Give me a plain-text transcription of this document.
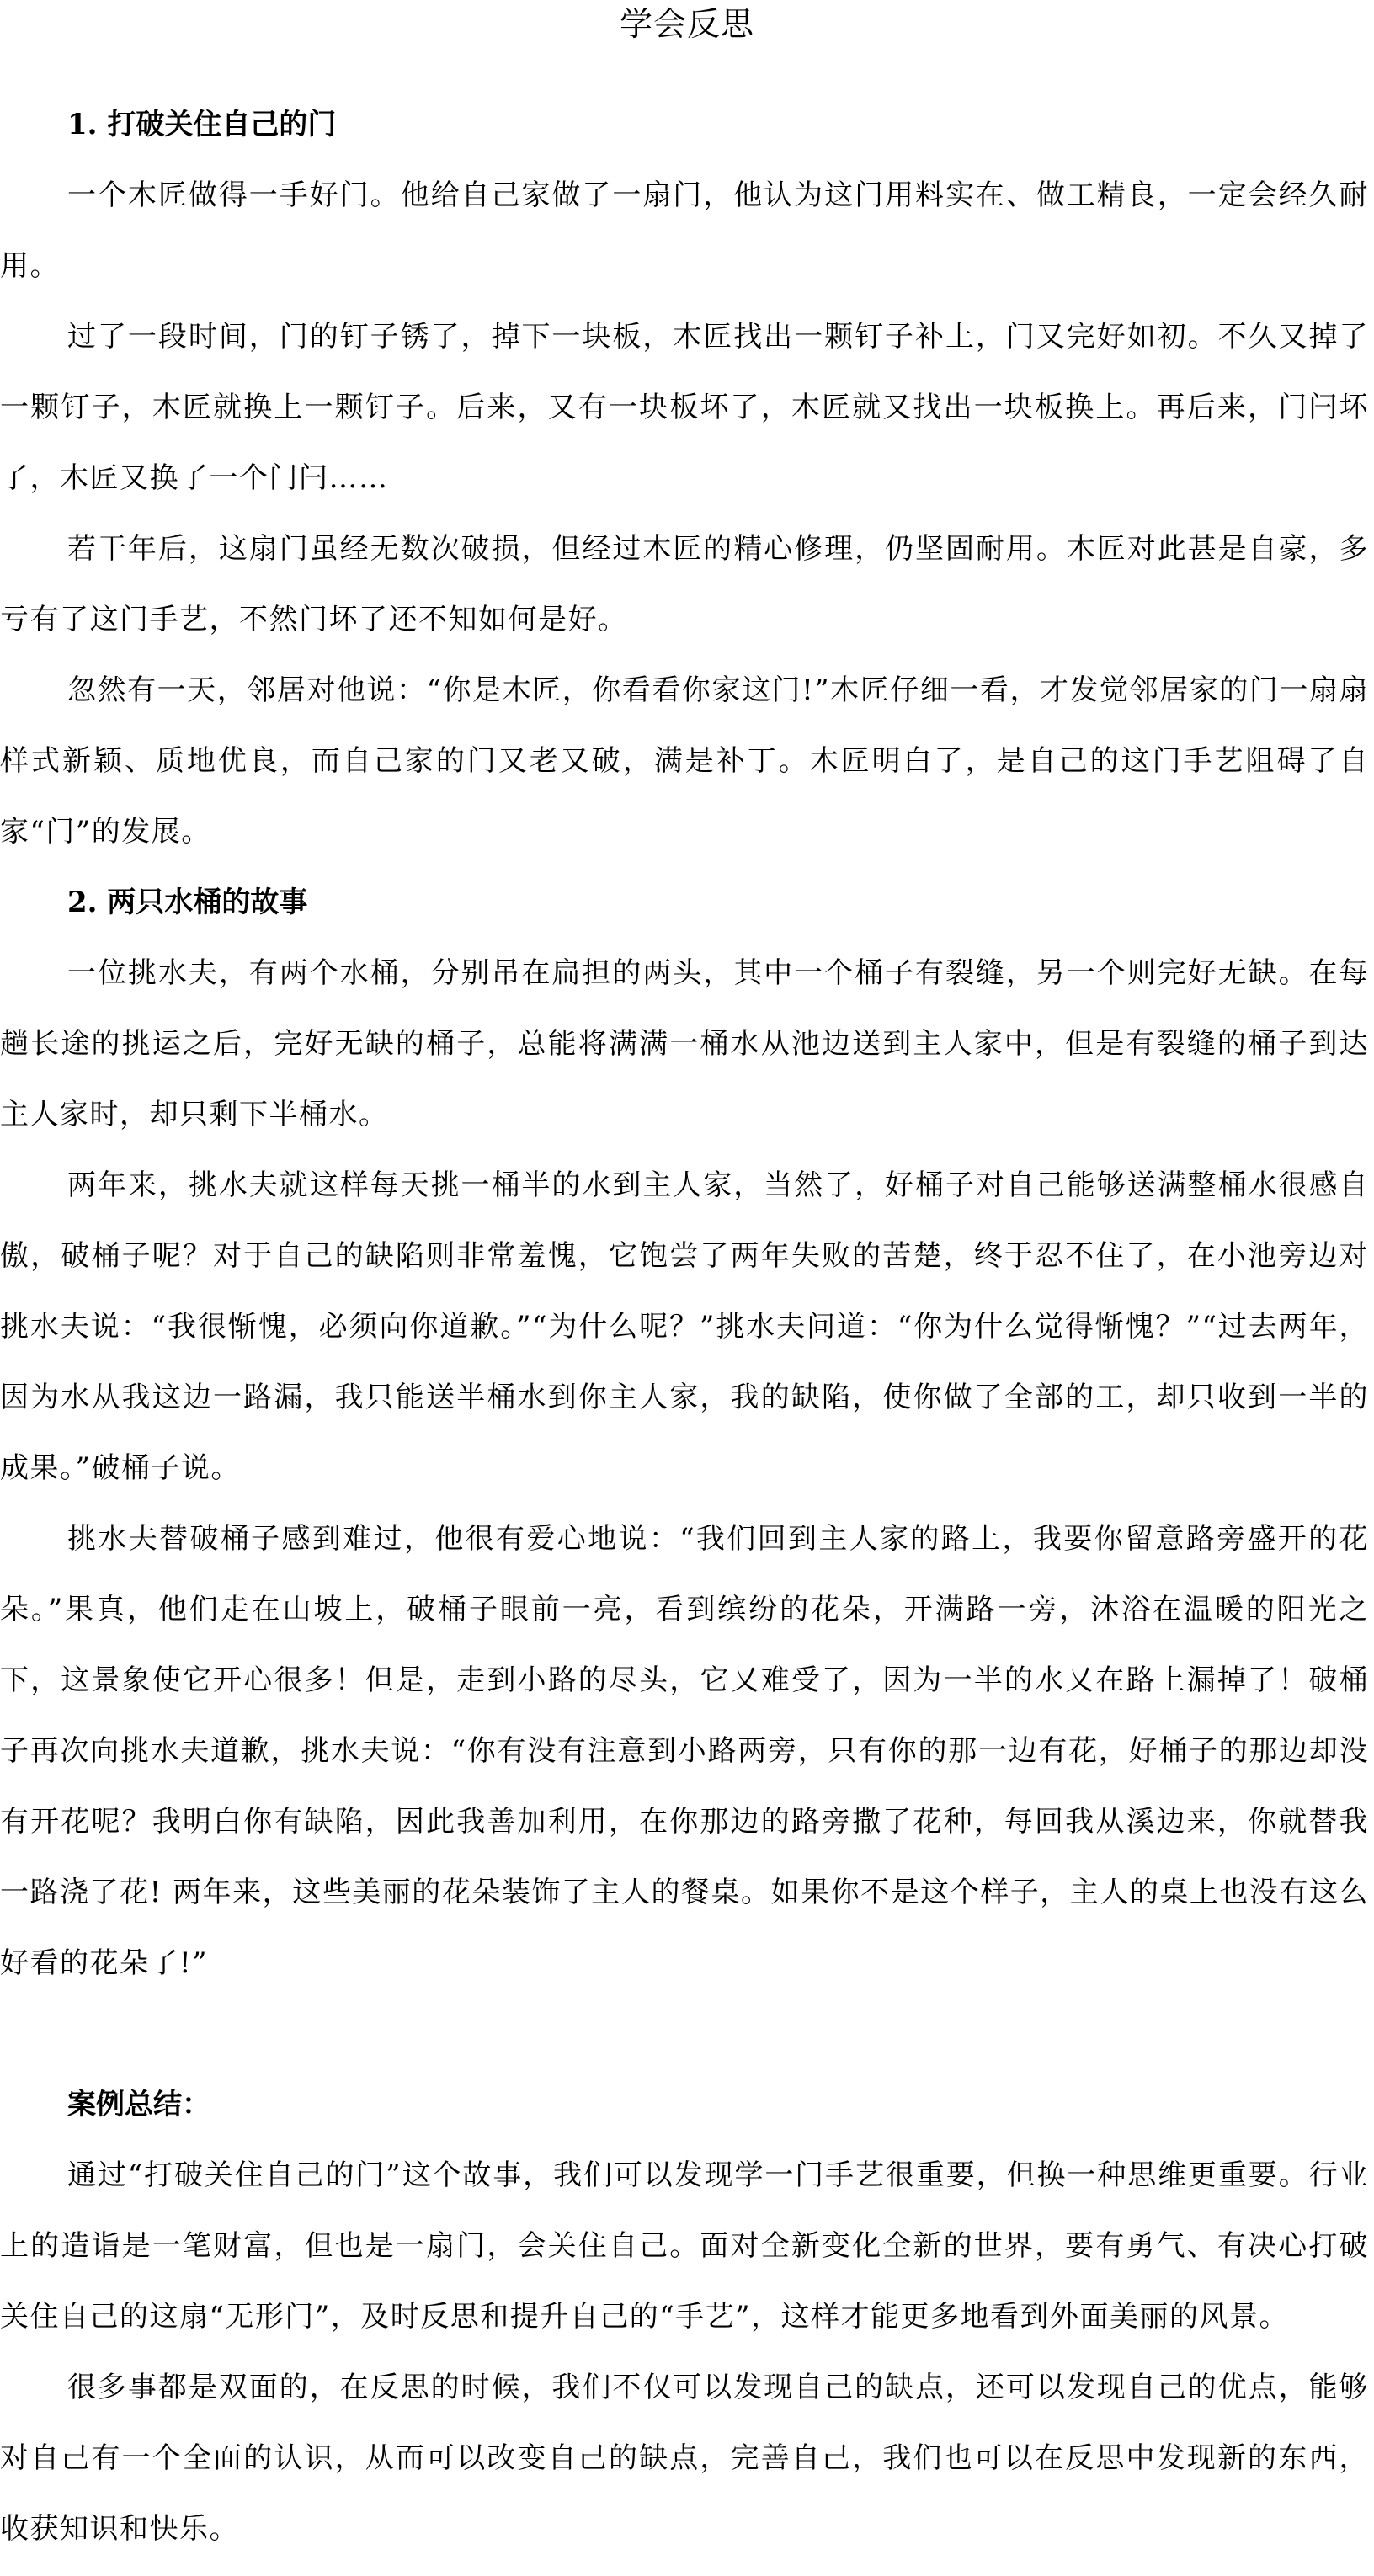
学会反思

1. 打破关住自己的门

一个木匠做得一手好门。他给自己家做了一扇门，他认为这门用料实在、做工精良，一定会经久耐用。

过了一段时间，门的钉子锈了，掉下一块板，木匠找出一颗钉子补上，门又完好如初。不久又掉了一颗钉子，木匠就换上一颗钉子。后来，又有一块板坏了，木匠就又找出一块板换上。再后来，门闩坏了，木匠又换了一个门闩……

若干年后，这扇门虽经无数次破损，但经过木匠的精心修理，仍坚固耐用。木匠对此甚是自豪，多亏有了这门手艺，不然门坏了还不知如何是好。

忽然有一天，邻居对他说：“你是木匠，你看看你家这门!”木匠仔细一看，才发觉邻居家的门一扇扇样式新颖、质地优良，而自己家的门又老又破，满是补丁。木匠明白了，是自己的这门手艺阻碍了自家“门”的发展。

2. 两只水桶的故事

一位挑水夫，有两个水桶，分别吊在扁担的两头，其中一个桶子有裂缝，另一个则完好无缺。在每趟长途的挑运之后，完好无缺的桶子，总能将满满一桶水从池边送到主人家中，但是有裂缝的桶子到达主人家时，却只剩下半桶水。

两年来，挑水夫就这样每天挑一桶半的水到主人家，当然了，好桶子对自己能够送满整桶水很感自傲，破桶子呢？对于自己的缺陷则非常羞愧，它饱尝了两年失败的苦楚，终于忍不住了，在小池旁边对挑水夫说：“我很惭愧，必须向你道歉。”“为什么呢？”挑水夫问道：“你为什么觉得惭愧？”“过去两年，因为水从我这边一路漏，我只能送半桶水到你主人家，我的缺陷，使你做了全部的工，却只收到一半的成果。”破桶子说。

挑水夫替破桶子感到难过，他很有爱心地说：“我们回到主人家的路上，我要你留意路旁盛开的花朵。”果真，他们走在山坡上，破桶子眼前一亮，看到缤纷的花朵，开满路一旁，沐浴在温暖的阳光之下，这景象使它开心很多！但是，走到小路的尽头，它又难受了，因为一半的水又在路上漏掉了！破桶子再次向挑水夫道歉，挑水夫说：“你有没有注意到小路两旁，只有你的那一边有花，好桶子的那边却没有开花呢？我明白你有缺陷，因此我善加利用，在你那边的路旁撒了花种，每回我从溪边来，你就替我一路浇了花! 两年来，这些美丽的花朵装饰了主人的餐桌。如果你不是这个样子，主人的桌上也没有这么好看的花朵了!”

案例总结：

通过“打破关住自己的门”这个故事，我们可以发现学一门手艺很重要，但换一种思维更重要。行业上的造诣是一笔财富，但也是一扇门，会关住自己。面对全新变化全新的世界，要有勇气、有决心打破关住自己的这扇“无形门”，及时反思和提升自己的“手艺”，这样才能更多地看到外面美丽的风景。

很多事都是双面的，在反思的时候，我们不仅可以发现自己的缺点，还可以发现自己的优点，能够对自己有一个全面的认识，从而可以改变自己的缺点，完善自己，我们也可以在反思中发现新的东西，收获知识和快乐。
